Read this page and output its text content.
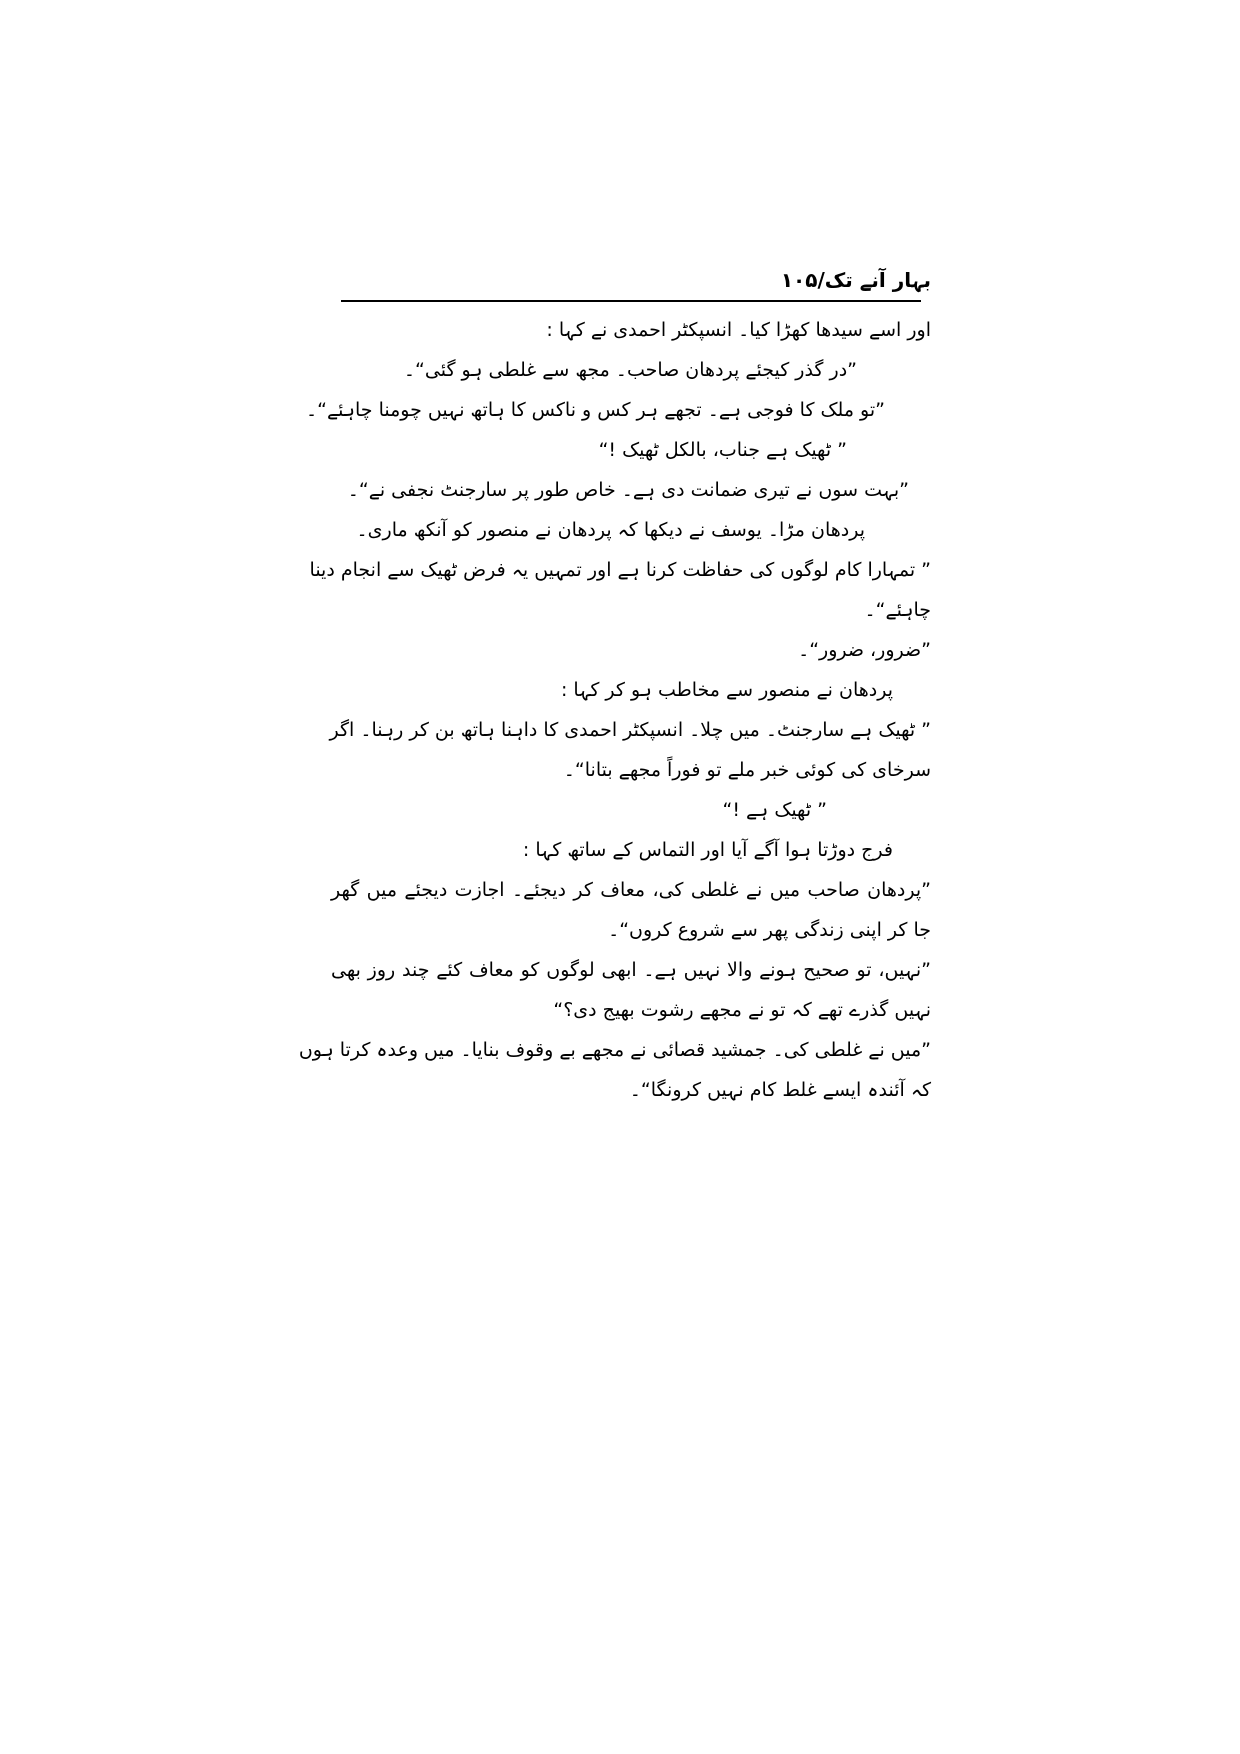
بہار آنے تک/۱۰۵
اور اسے سیدھا کھڑا کیا۔ انسپکٹر احمدی نے کہا :
”در گذر کیجئے پردھان صاحب۔ مجھ سے غلطی ہو گئی“۔
”تو ملک کا فوجی ہے۔ تجھے ہر کس و ناکس کا ہاتھ نہیں چومنا چاہئے“۔
” ٹھیک ہے جناب، بالکل ٹھیک !“
”بہت سوں نے تیری ضمانت دی ہے۔ خاص طور پر سارجنٹ نجفی نے“۔
پردھان مڑا۔ یوسف نے دیکھا کہ پردھان نے منصور کو آنکھ ماری۔
” تمہارا کام لوگوں کی حفاظت کرنا ہے اور تمہیں یہ فرض ٹھیک سے انجام دینا
چاہئے“۔
”ضرور، ضرور“۔
پردھان نے منصور سے مخاطب ہو کر کہا :
” ٹھیک ہے سارجنٹ۔ میں چلا۔ انسپکٹر احمدی کا داہنا ہاتھ بن کر رہنا۔ اگر
سرخای کی کوئی خبر ملے تو فوراً مجھے بتانا“۔
” ٹھیک ہے !“
فرج دوڑتا ہوا آگے آیا اور التماس کے ساتھ کہا :
”پردھان صاحب میں نے غلطی کی، معاف کر دیجئے۔ اجازت دیجئے میں گھر
جا کر اپنی زندگی پھر سے شروع کروں“۔
”نہیں، تو صحیح ہونے والا نہیں ہے۔ ابھی لوگوں کو معاف کئے چند روز بھی
نہیں گذرے تھے کہ تو نے مجھے رشوت بھیج دی؟“
”میں نے غلطی کی۔ جمشید قصائی نے مجھے بے وقوف بنایا۔ میں وعدہ کرتا ہوں
کہ آئندہ ایسے غلط کام نہیں کرونگا“۔
